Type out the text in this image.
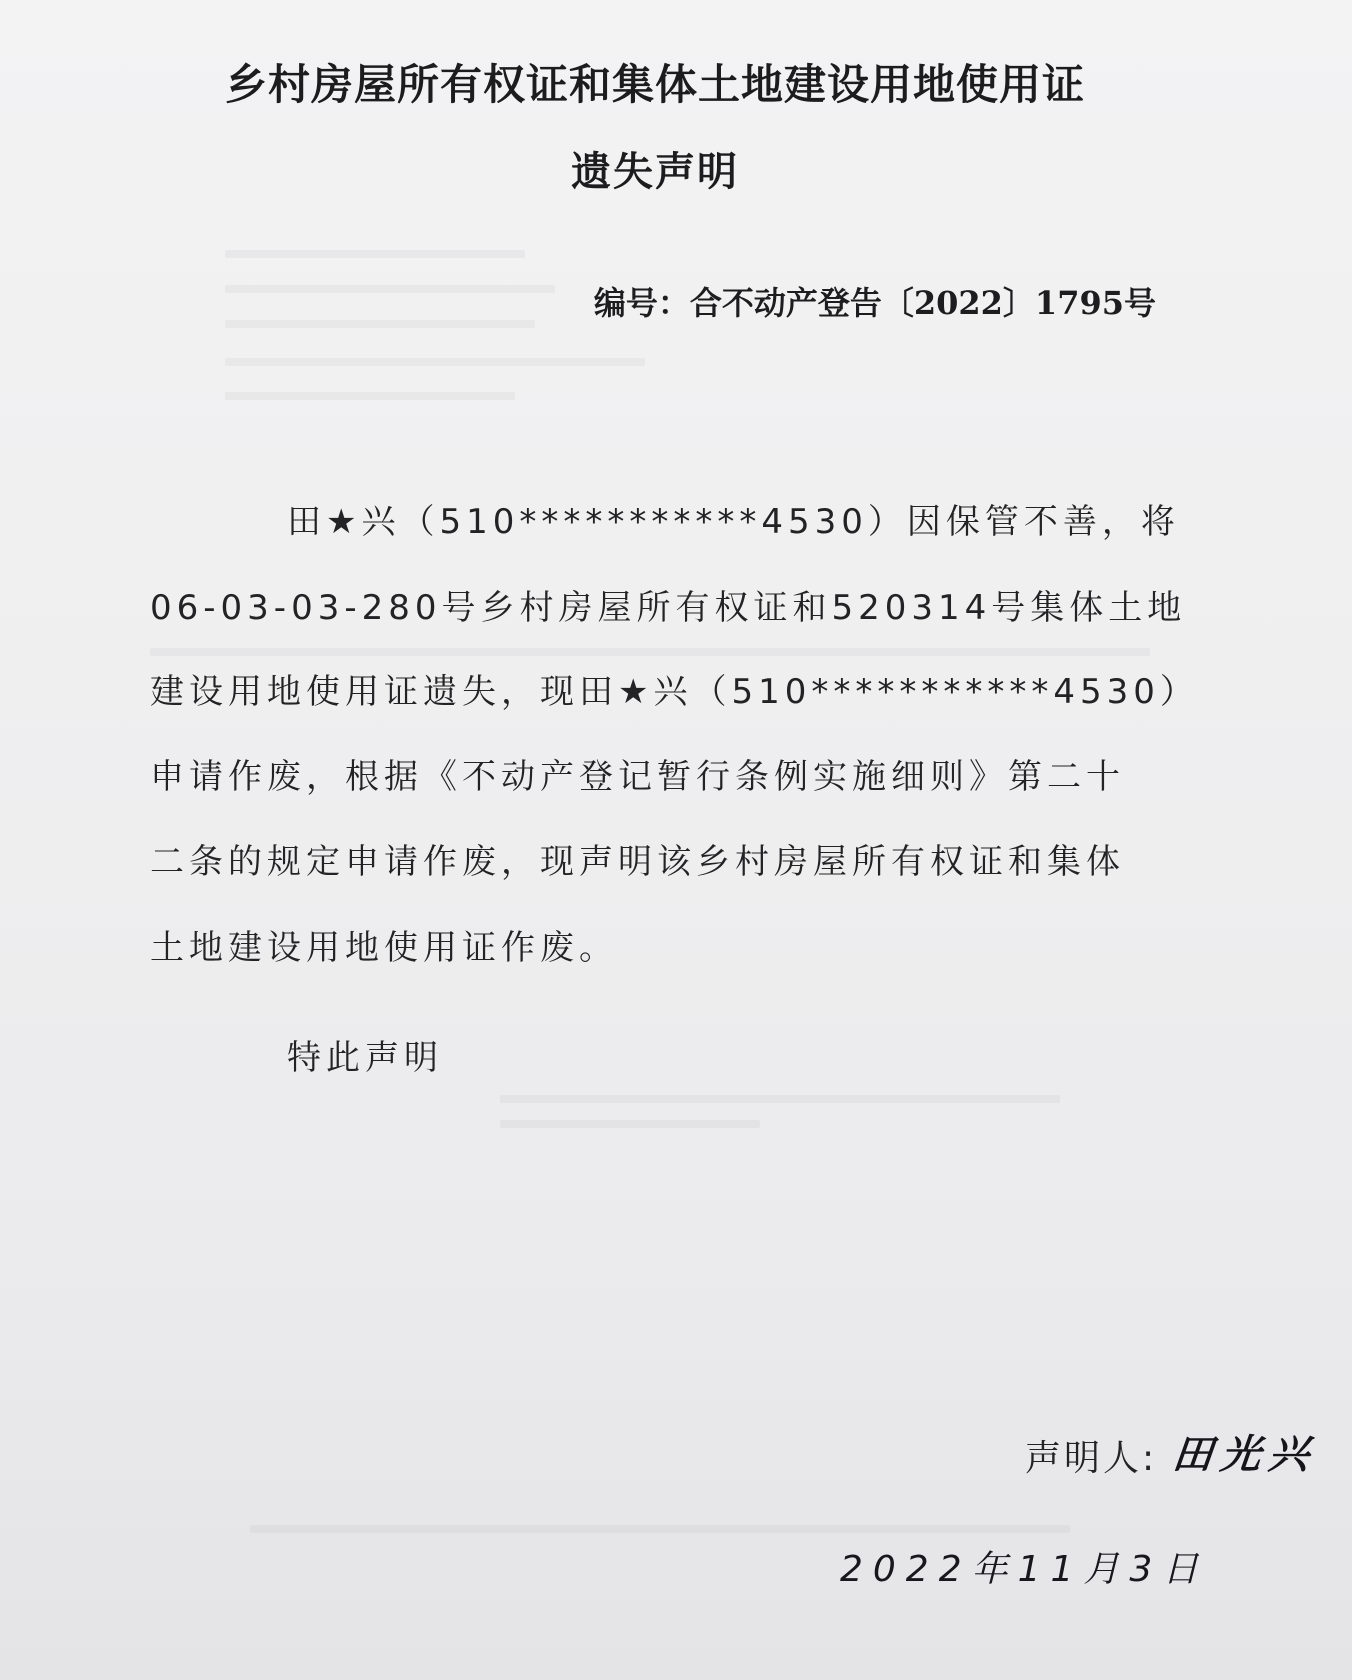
乡村房屋所有权证和集体土地建设用地使用证
遗失声明
编号：合不动产登告〔2022〕1795号
田★兴（510***********4530）因保管不善，将
06-03-03-280号乡村房屋所有权证和520314号集体土地
建设用地使用证遗失，现田★兴（510***********4530）
申请作废，根据《不动产登记暂行条例实施细则》第二十
二条的规定申请作废，现声明该乡村房屋所有权证和集体
土地建设用地使用证作废。
特此声明
声明人: 田光兴
2022年11月3日
